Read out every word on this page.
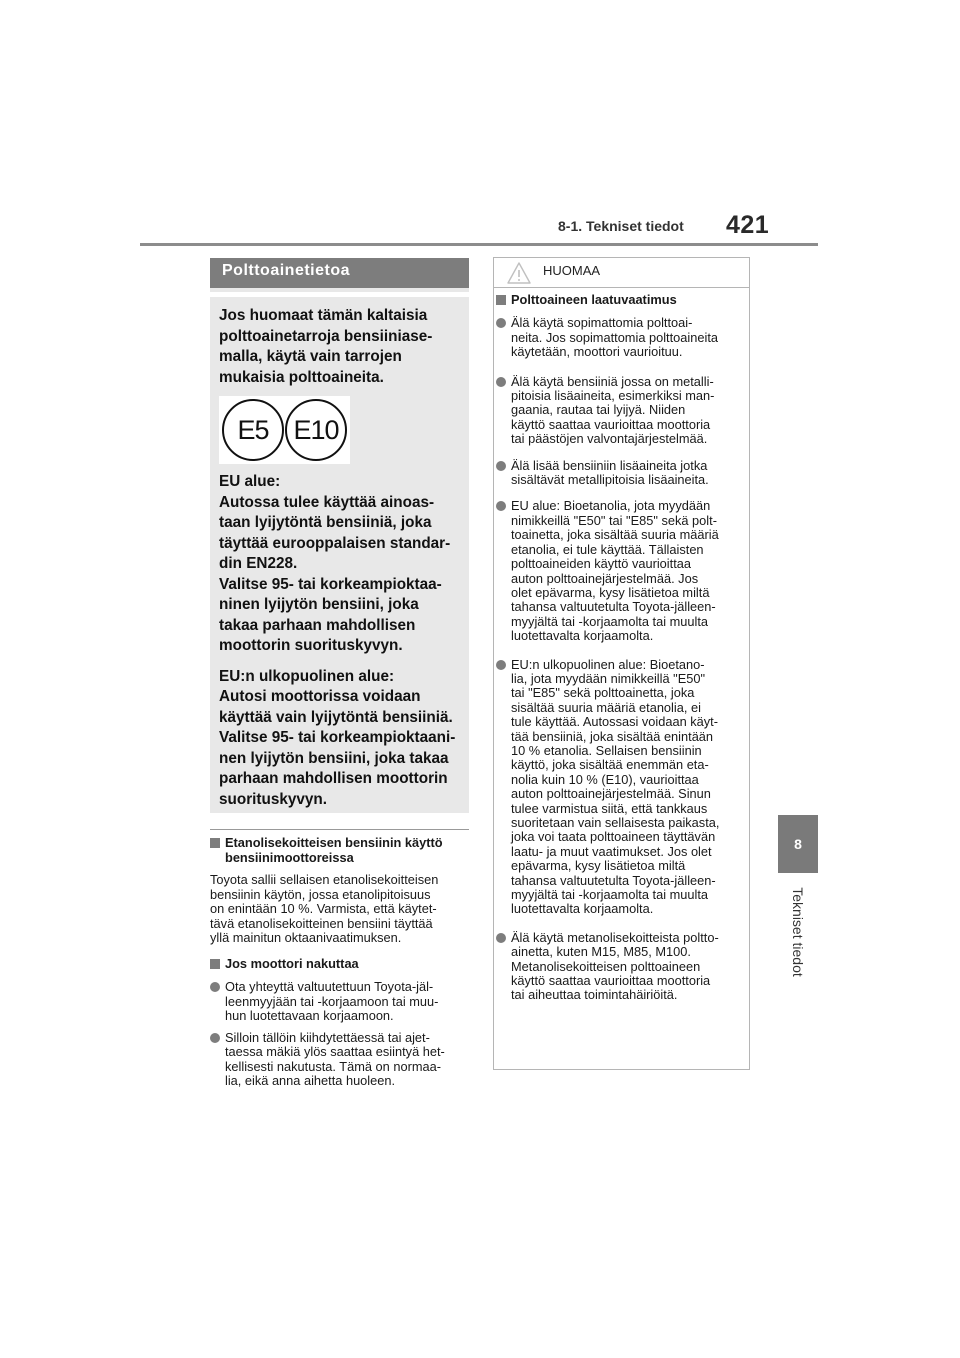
8-1. Tekniset tiedot 421
8
Tekniset tiedot
Polttoainetietoa

Jos huomaat tämän kaltaisia
polttoainetarroja bensiiniase-
malla, käytä vain tarrojen
mukaisia polttoaineita.

E5 E10

EU alue:
Autossa tulee käyttää ainoas-
taan lyijytöntä bensiiniä, joka
täyttää eurooppalaisen standar-
din EN228.
Valitse 95- tai korkeampioktaa-
ninen lyijytön bensiini, joka
takaa parhaan mahdollisen
moottorin suorituskyvyn.

EU:n ulkopuolinen alue:
Autosi moottorissa voidaan
käyttää vain lyijytöntä bensiiniä.
Valitse 95- tai korkeampioktaani-
nen lyijytön bensiini, joka takaa
parhaan mahdollisen moottorin
suorituskyvyn.

Etanolisekoitteisen bensiinin käyttö
bensiinimoottoreissa

Toyota sallii sellaisen etanolisekoitteisen
bensiinin käytön, jossa etanolipitoisuus
on enintään 10 %. Varmista, että käytet-
tävä etanolisekoitteinen bensiini täyttää
yllä mainitun oktaanivaatimuksen.

Jos moottori nakuttaa
Ota yhteyttä valtuutettuun Toyota-jäl-
leenmyyjään tai -korjaamoon tai muu-
hun luotettavaan korjaamoon.
Silloin tällöin kiihdytettäessä tai ajet-
taessa mäkiä ylös saattaa esiintyä het-
kellisesti nakutusta. Tämä on normaa-
lia, eikä anna aihetta huoleen.
HUOMAA
Polttoaineen laatuvaatimus
Älä käytä sopimattomia polttoai-
neita. Jos sopimattomia polttoaineita
käytetään, moottori vaurioituu.
Älä käytä bensiiniä jossa on metalli-
pitoisia lisäaineita, esimerkiksi man-
gaania, rautaa tai lyijyä. Niiden
käyttö saattaa vaurioittaa moottoria
tai päästöjen valvontajärjestelmää.
Älä lisää bensiiniin lisäaineita jotka
sisältävät metallipitoisia lisäaineita.
EU alue: Bioetanolia, jota myydään
nimikkeillä "E50" tai "E85" sekä polt-
toainetta, joka sisältää suuria määriä
etanolia, ei tule käyttää. Tällaisten
polttoaineiden käyttö vaurioittaa
auton polttoainejärjestelmää. Jos
olet epävarma, kysy lisätietoa miltä
tahansa valtuutetulta Toyota-jälleen-
myyjältä tai -korjaamolta tai muulta
luotettavalta korjaamolta.
EU:n ulkopuolinen alue: Bioetano-
lia, jota myydään nimikkeillä "E50"
tai "E85" sekä polttoainetta, joka
sisältää suuria määriä etanolia, ei
tule käyttää. Autossasi voidaan käyt-
tää bensiiniä, joka sisältää enintään
10 % etanolia. Sellaisen bensiinin
käyttö, joka sisältää enemmän eta-
nolia kuin 10 % (E10), vaurioittaa
auton polttoainejärjestelmää. Sinun
tulee varmistua siitä, että tankkaus
suoritetaan vain sellaisesta paikasta,
joka voi taata polttoaineen täyttävän
laatu- ja muut vaatimukset. Jos olet
epävarma, kysy lisätietoa miltä
tahansa valtuutetulta Toyota-jälleen-
myyjältä tai -korjaamolta tai muulta
luotettavalta korjaamolta.
Älä käytä metanolisekoitteista poltto-
ainetta, kuten M15, M85, M100.
Metanolisekoitteisen polttoaineen
käyttö saattaa vaurioittaa moottoria
tai aiheuttaa toimintahäiriöitä.
